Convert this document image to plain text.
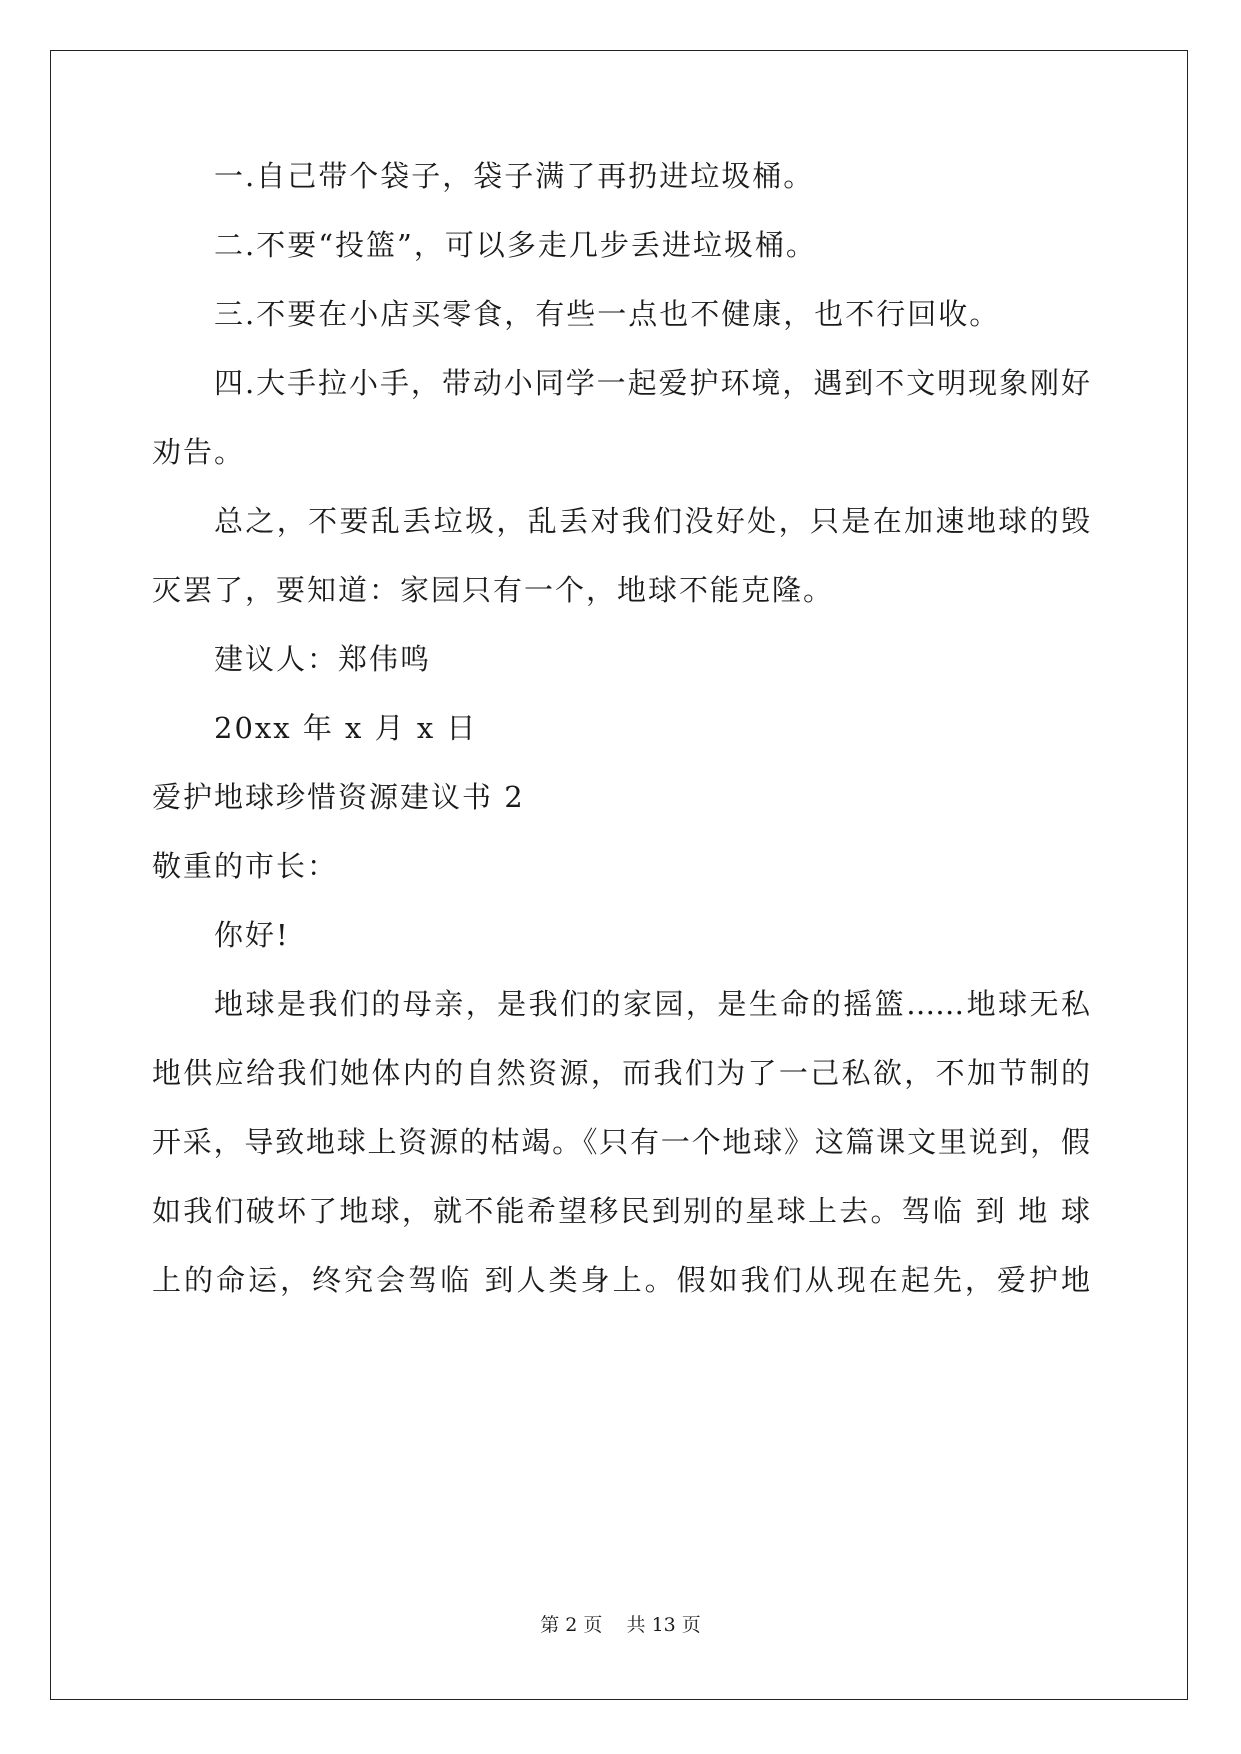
一.自己带个袋子，袋子满了再扔进垃圾桶。
二.不要“投篮”，可以多走几步丢进垃圾桶。
三.不要在小店买零食，有些一点也不健康，也不行回收。
四.大手拉小手，带动小同学一起爱护环境，遇到不文明现象刚好
劝告。
总之，不要乱丢垃圾，乱丢对我们没好处，只是在加速地球的毁
灭罢了，要知道：家园只有一个，地球不能克隆。
建议人：郑伟鸣
20xx 年 x 月 x 日
爱护地球珍惜资源建议书 2
敬重的市长：
你好!
地球是我们的母亲，是我们的家园，是生命的摇篮……地球无私
地供应给我们她体内的自然资源，而我们为了一己私欲，不加节制的
开采，导致地球上资源的枯竭。《只有一个地球》这篇课文里说到，假
如我们破坏了地球，就不能希望移民到别的星球上去。驾临 到 地 球
上的命运，终究会驾临 到人类身上。假如我们从现在起先，爱护地
第 2 页    共 13 页
